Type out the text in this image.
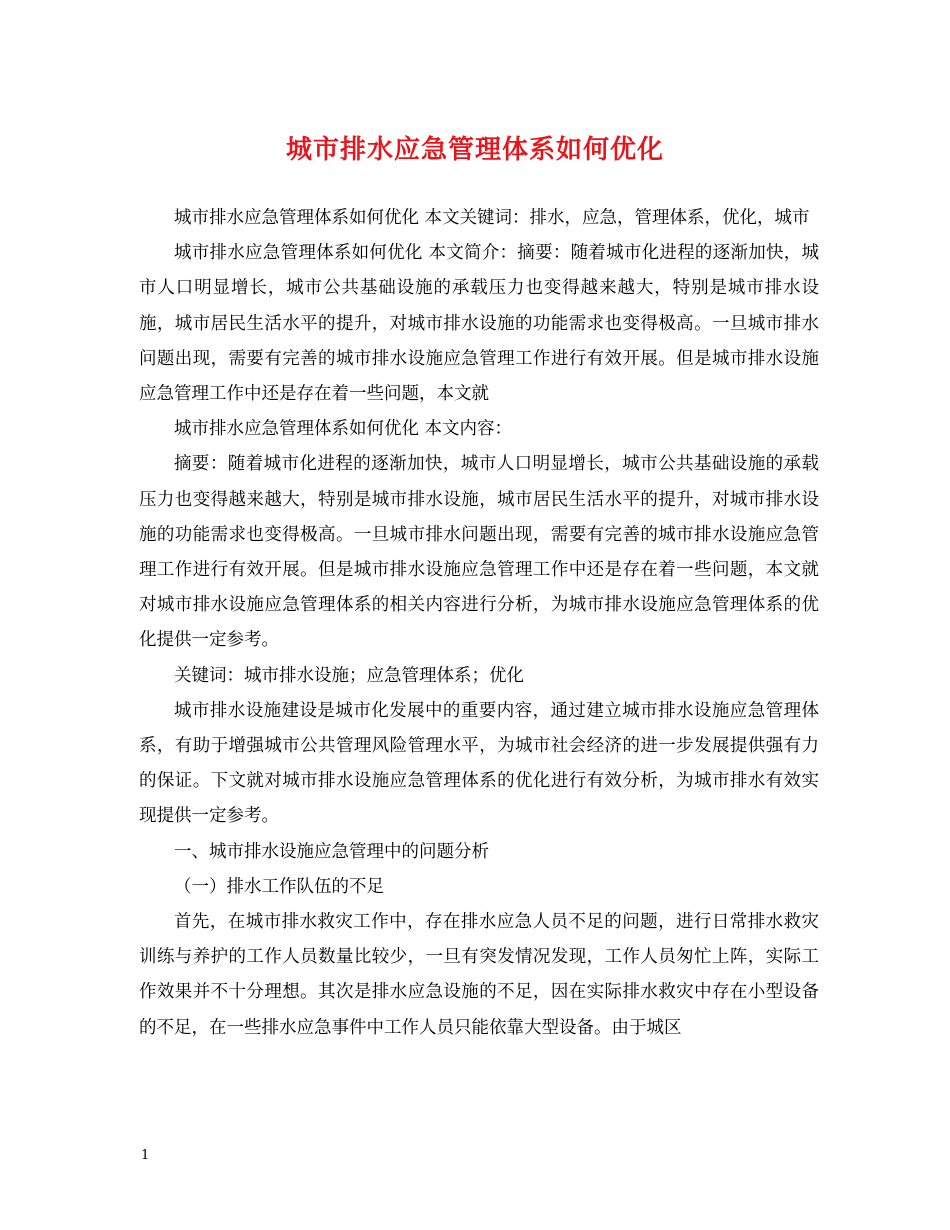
城市排水应急管理体系如何优化

城市排水应急管理体系如何优化 本文关键词：排水，应急，管理体系，优化，城市

城市排水应急管理体系如何优化 本文简介：摘要：随着城市化进程的逐渐加快，城市人口明显增长，城市公共基础设施的承载压力也变得越来越大，特别是城市排水设施，城市居民生活水平的提升，对城市排水设施的功能需求也变得极高。一旦城市排水问题出现，需要有完善的城市排水设施应急管理工作进行有效开展。但是城市排水设施应急管理工作中还是存在着一些问题，本文就

城市排水应急管理体系如何优化 本文内容：

摘要：随着城市化进程的逐渐加快，城市人口明显增长，城市公共基础设施的承载压力也变得越来越大，特别是城市排水设施，城市居民生活水平的提升，对城市排水设施的功能需求也变得极高。一旦城市排水问题出现，需要有完善的城市排水设施应急管理工作进行有效开展。但是城市排水设施应急管理工作中还是存在着一些问题，本文就对城市排水设施应急管理体系的相关内容进行分析，为城市排水设施应急管理体系的优化提供一定参考。

关键词：城市排水设施；应急管理体系；优化

城市排水设施建设是城市化发展中的重要内容，通过建立城市排水设施应急管理体系，有助于增强城市公共管理风险管理水平，为城市社会经济的进一步发展提供强有力的保证。下文就对城市排水设施应急管理体系的优化进行有效分析，为城市排水有效实现提供一定参考。

一、城市排水设施应急管理中的问题分析

（一）排水工作队伍的不足

首先，在城市排水救灾工作中，存在排水应急人员不足的问题，进行日常排水救灾训练与养护的工作人员数量比较少，一旦有突发情况发现，工作人员匆忙上阵，实际工作效果并不十分理想。其次是排水应急设施的不足，因在实际排水救灾中存在小型设备的不足，在一些排水应急事件中工作人员只能依靠大型设备。由于城区

1
